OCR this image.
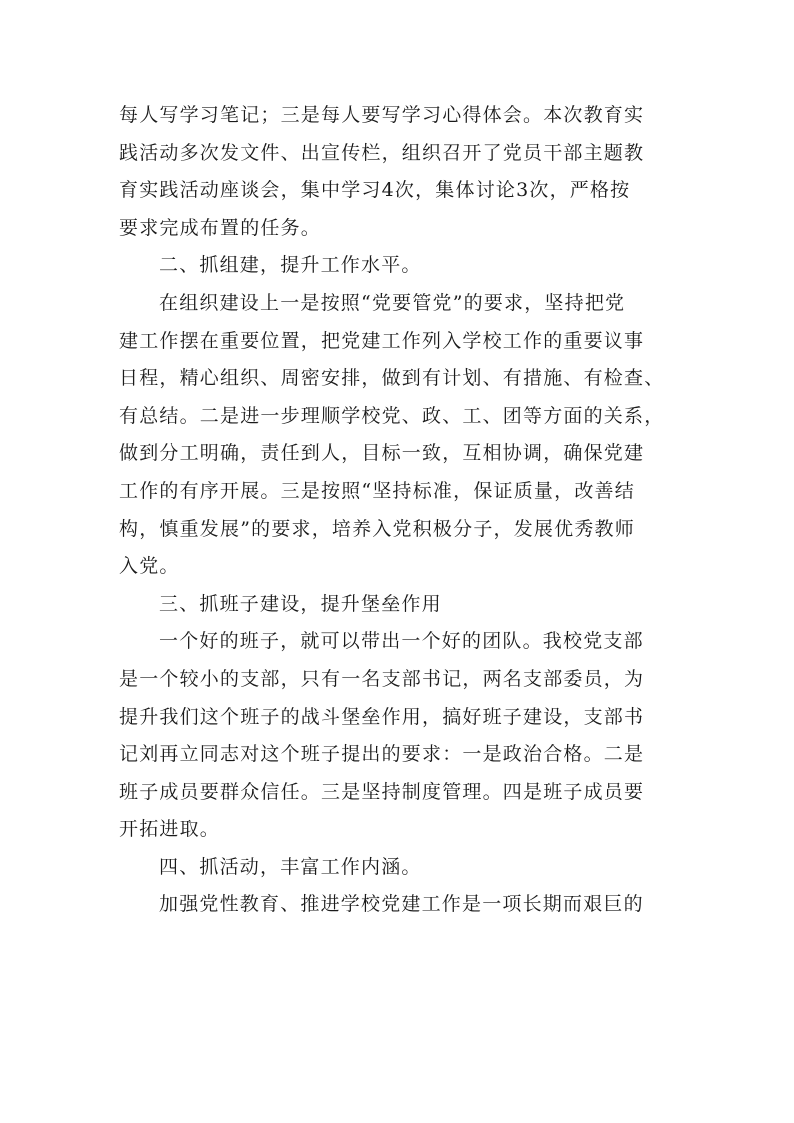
每人写学习笔记；三是每人要写学习心得体会。本次教育实
践活动多次发文件、出宣传栏，组织召开了党员干部主题教
育实践活动座谈会，集中学习4次，集体讨论3次，严格按
要求完成布置的任务。
二、抓组建，提升工作水平。
在组织建设上一是按照“党要管党”的要求，坚持把党
建工作摆在重要位置，把党建工作列入学校工作的重要议事
日程，精心组织、周密安排，做到有计划、有措施、有检查、
有总结。二是进一步理顺学校党、政、工、团等方面的关系，
做到分工明确，责任到人，目标一致，互相协调，确保党建
工作的有序开展。三是按照“坚持标准，保证质量，改善结
构，慎重发展”的要求，培养入党积极分子，发展优秀教师
入党。
三、抓班子建设，提升堡垒作用
一个好的班子，就可以带出一个好的团队。我校党支部
是一个较小的支部，只有一名支部书记，两名支部委员，为
提升我们这个班子的战斗堡垒作用，搞好班子建设，支部书
记刘再立同志对这个班子提出的要求：一是政治合格。二是
班子成员要群众信任。三是坚持制度管理。四是班子成员要
开拓进取。
四、抓活动，丰富工作内涵。
加强党性教育、推进学校党建工作是一项长期而艰巨的
